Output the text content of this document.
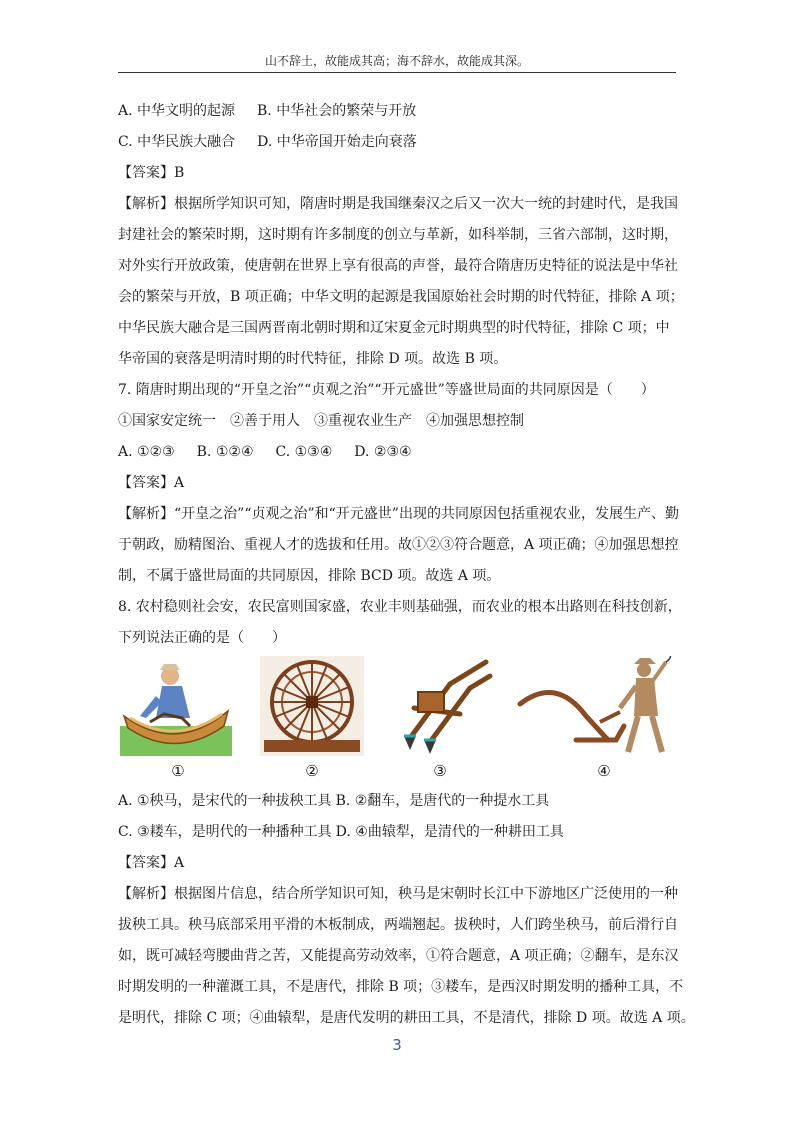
山不辞土，故能成其高；海不辞水，故能成其深。
A. 中华文明的起源 B. 中华社会的繁荣与开放
C. 中华民族大融合 D. 中华帝国开始走向衰落
【答案】B
【解析】根据所学知识可知，隋唐时期是我国继秦汉之后又一次大一统的封建时代，是我国
封建社会的繁荣时期，这时期有许多制度的创立与革新，如科举制，三省六部制，这时期，
对外实行开放政策，使唐朝在世界上享有很高的声誉，最符合隋唐历史特征的说法是中华社
会的繁荣与开放，B 项正确；中华文明的起源是我国原始社会时期的时代特征，排除 A 项；
中华民族大融合是三国两晋南北朝时期和辽宋夏金元时期典型的时代特征，排除 C 项；中
华帝国的衰落是明清时期的时代特征，排除 D 项。故选 B 项。
7. 隋唐时期出现的“开皇之治”“贞观之治”“开元盛世”等盛世局面的共同原因是（　　）
①国家安定统一　②善于用人　③重视农业生产　④加强思想控制
A. ①②③ B. ①②④ C. ①③④ D. ②③④
【答案】A
【解析】“开皇之治”“贞观之治”和“开元盛世”出现的共同原因包括重视农业，发展生产、勤
于朝政，励精图治、重视人才的选拔和任用。故①②③符合题意，A 项正确；④加强思想控
制，不属于盛世局面的共同原因，排除 BCD 项。故选 A 项。
8. 农村稳则社会安，农民富则国家盛，农业丰则基础强，而农业的根本出路则在科技创新，
下列说法正确的是（　　）
①	②	③	④
A. ①秧马，是宋代的一种拔秧工具 B. ②翻车，是唐代的一种提水工具
C. ③耧车，是明代的一种播种工具 D. ④曲辕犁，是清代的一种耕田工具
【答案】A
【解析】根据图片信息，结合所学知识可知，秧马是宋朝时长江中下游地区广泛使用的一种
拔秧工具。秧马底部采用平滑的木板制成，两端翘起。拔秧时，人们跨坐秧马，前后滑行自
如，既可减轻弯腰曲背之苦，又能提高劳动效率，①符合题意，A 项正确；②翻车，是东汉
时期发明的一种灌溉工具，不是唐代，排除 B 项；③耧车，是西汉时期发明的播种工具，不
是明代，排除 C 项；④曲辕犁，是唐代发明的耕田工具，不是清代，排除 D 项。故选 A 项。
3
